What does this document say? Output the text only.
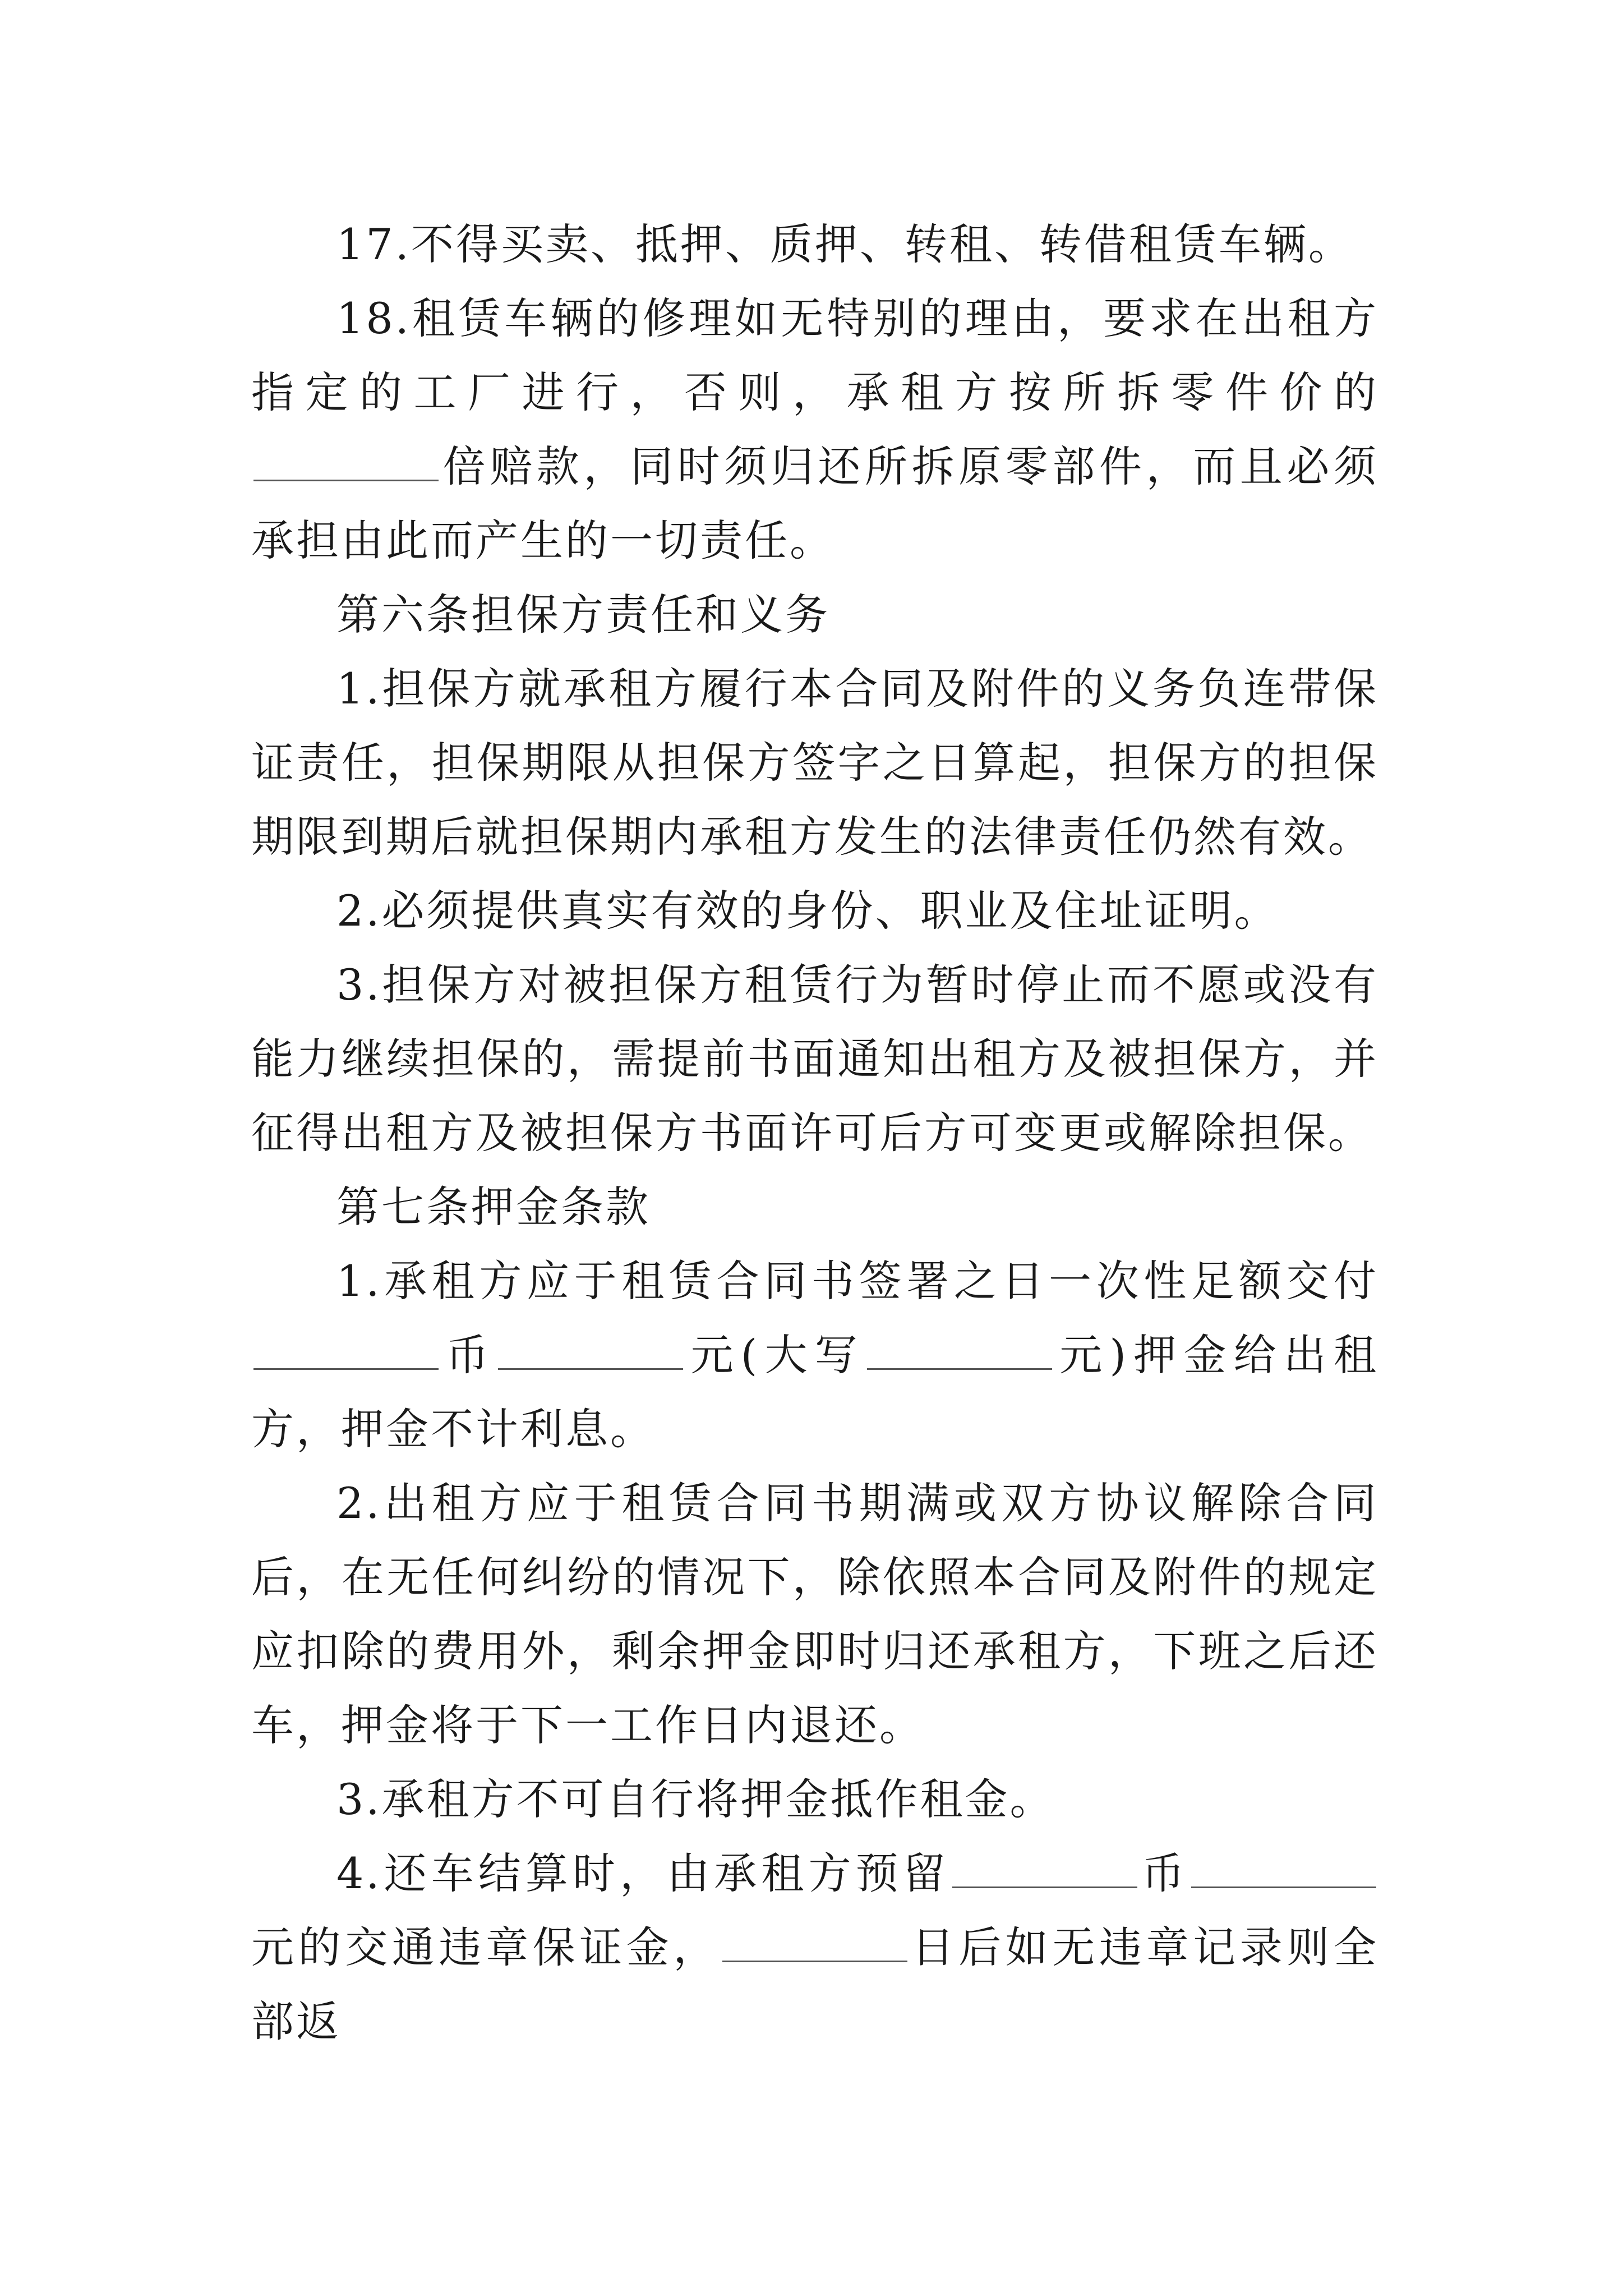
17.不得买卖、抵押、质押、转租、转借租赁车辆。

18.租赁车辆的修理如无特别的理由，要求在出租方指定的工厂进行，否则，承租方按所拆零件价的倍赔款，同时须归还所拆原零部件，而且必须承担由此而产生的一切责任。

第六条担保方责任和义务

1.担保方就承租方履行本合同及附件的义务负连带保证责任，担保期限从担保方签字之日算起，担保方的担保期限到期后就担保期内承租方发生的法律责任仍然有效。

2.必须提供真实有效的身份、职业及住址证明。

3.担保方对被担保方租赁行为暂时停止而不愿或没有能力继续担保的，需提前书面通知出租方及被担保方，并征得出租方及被担保方书面许可后方可变更或解除担保。

第七条押金条款

1.承租方应于租赁合同书签署之日一次性足额交付币	元(大写	元)押金给出租方，押金不计利息。

2.出租方应于租赁合同书期满或双方协议解除合同后，在无任何纠纷的情况下，除依照本合同及附件的规定应扣除的费用外，剩余押金即时归还承租方，下班之后还车，押金将于下一工作日内退还。

3.承租方不可自行将押金抵作租金。

4.还车结算时，由承租方预留	币元的交通违章保证金，	日后如无违章记录则全部返
